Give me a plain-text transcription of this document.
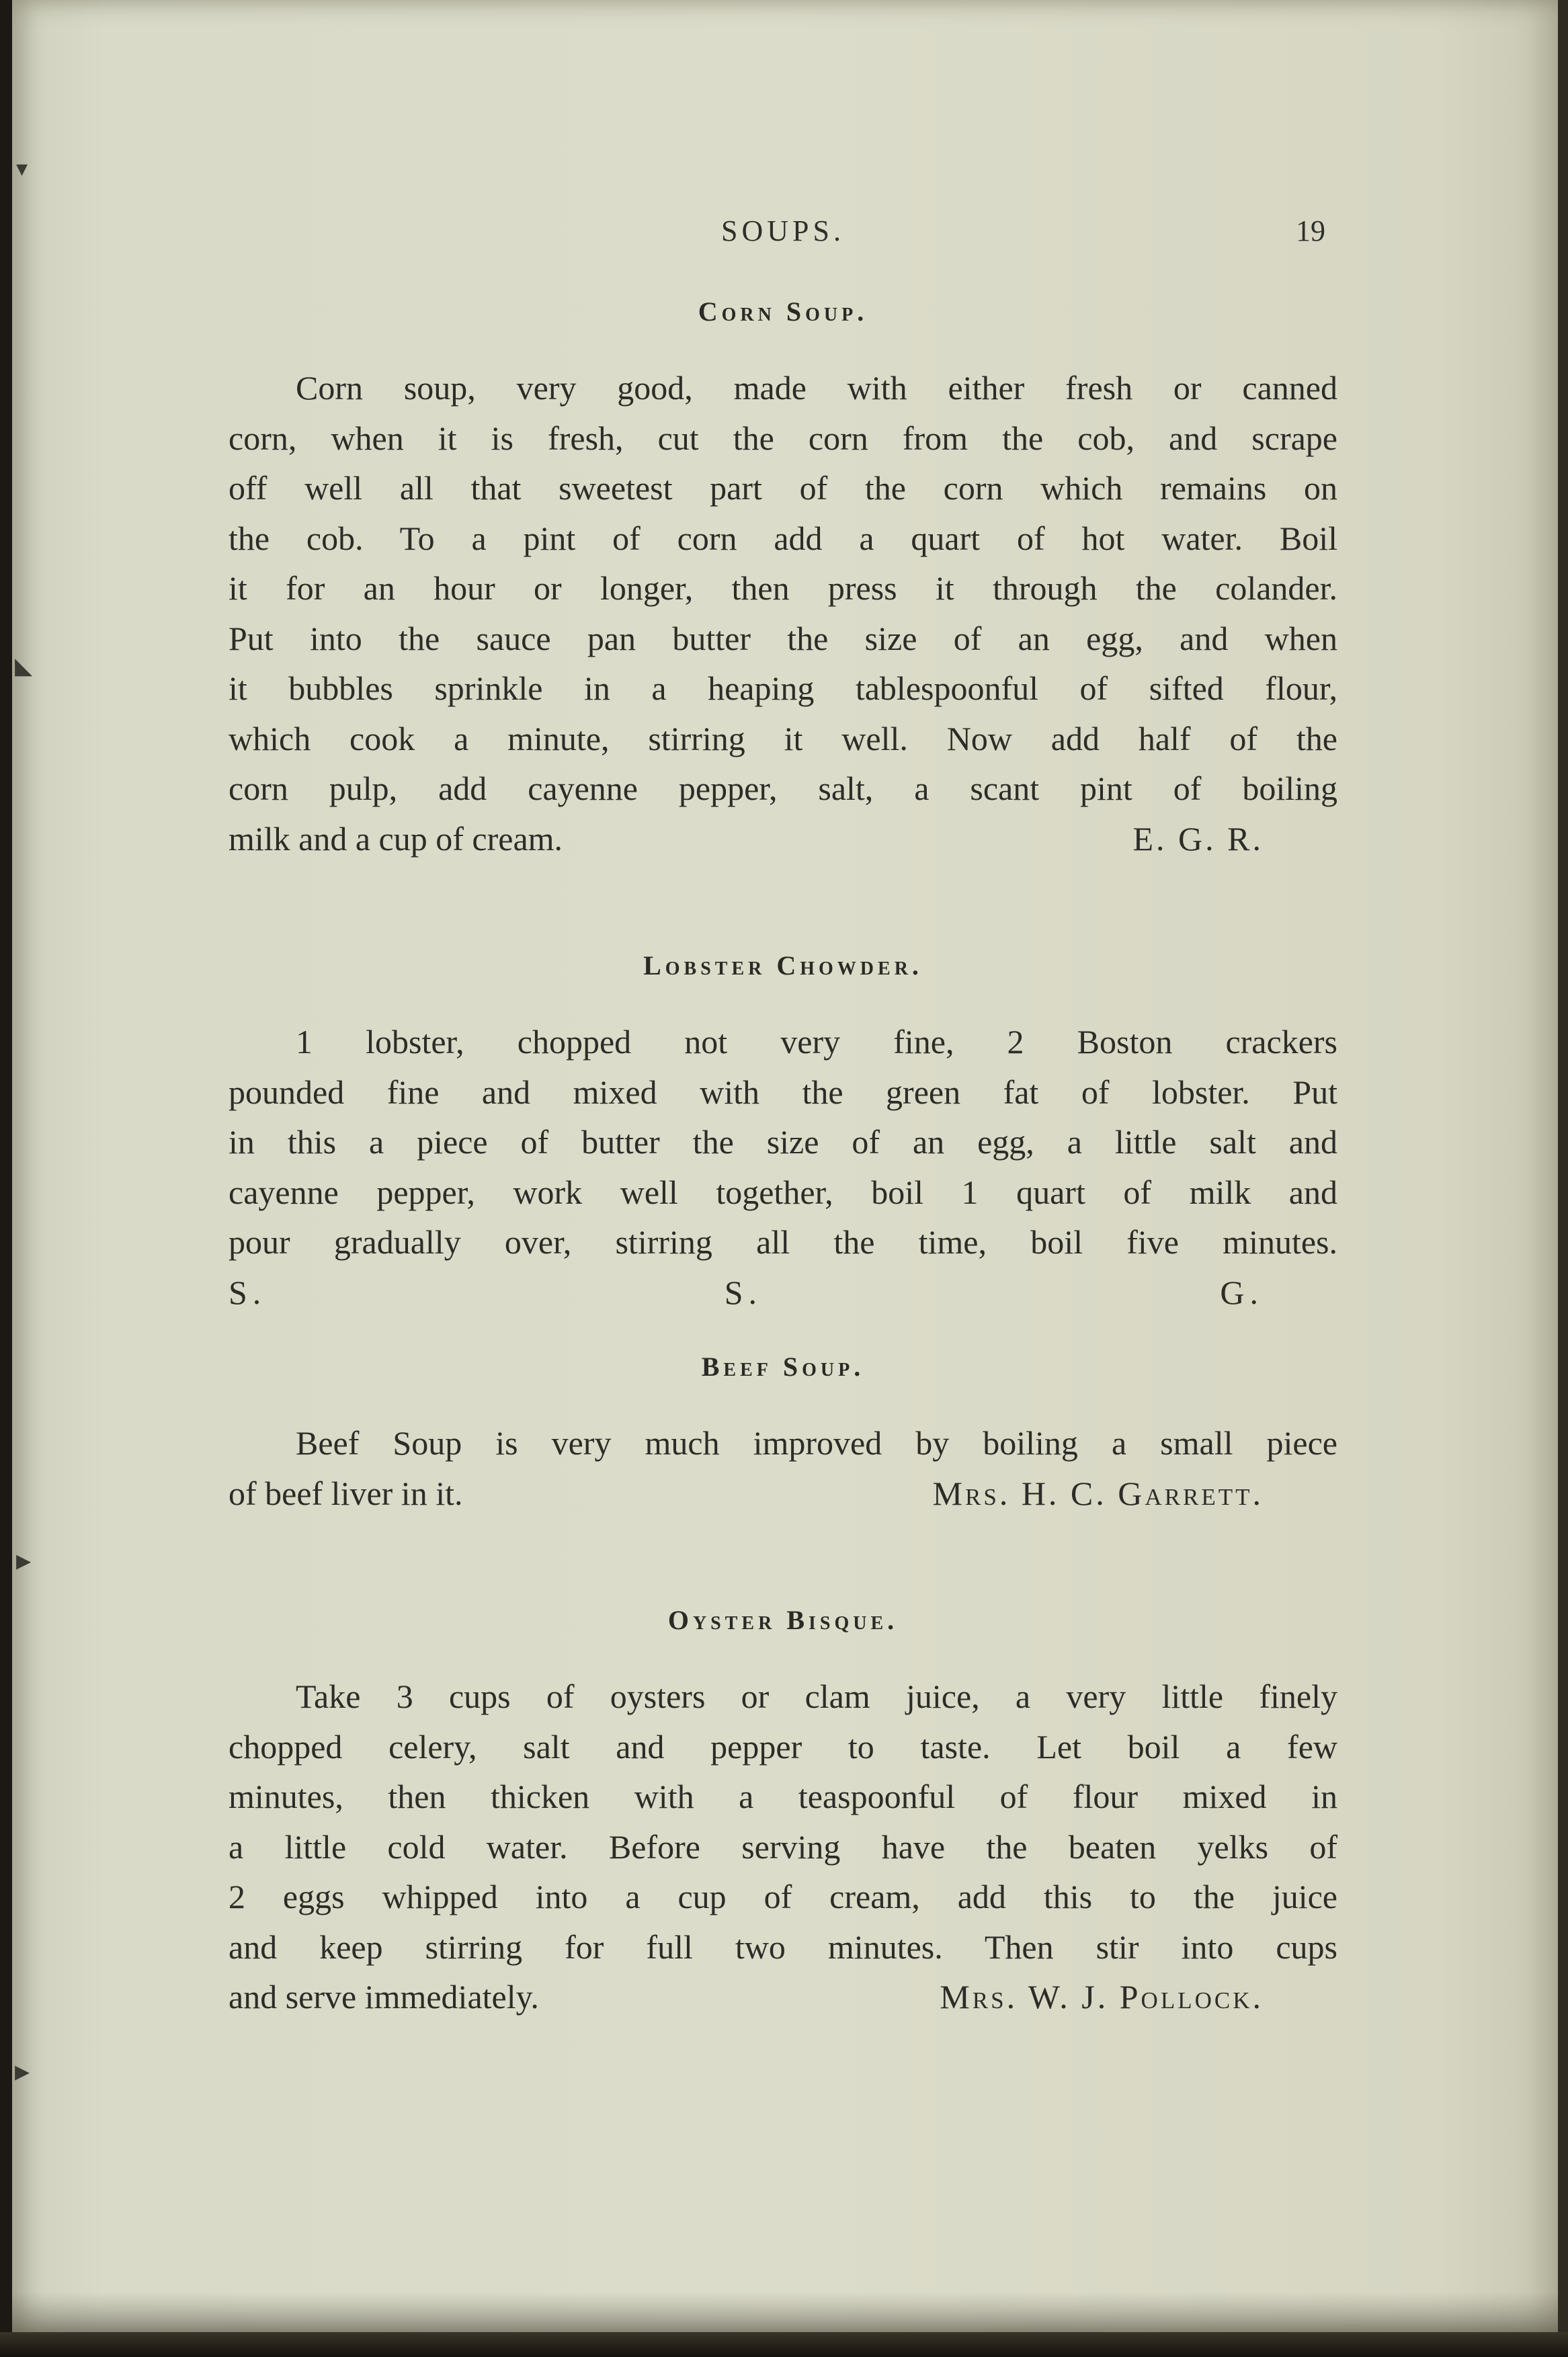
▾
◣
▸
▸
SOUPS.	19
Corn Soup.
Corn soup, very good, made with either fresh or canned
corn, when it is fresh, cut the corn from the cob, and scrape
off well all that sweetest part of the corn which remains on
the cob. To a pint of corn add a quart of hot water. Boil
it for an hour or longer, then press it through the colander.
Put into the sauce pan butter the size of an egg, and when
it bubbles sprinkle in a heaping tablespoonful of sifted flour,
which cook a minute, stirring it well. Now add half of the
corn pulp, add cayenne pepper, salt, a scant pint of boiling
milk and a cup of cream.	E. G. R.
Lobster Chowder.
1 lobster, chopped not very fine, 2 Boston crackers
pounded fine and mixed with the green fat of lobster. Put
in this a piece of butter the size of an egg, a little salt and
cayenne pepper, work well together, boil 1 quart of milk and
pour gradually over, stirring all the time, boil five minutes.
S. S. G.
Beef Soup.
Beef Soup is very much improved by boiling a small piece
of beef liver in it.	Mrs. H. C. Garrett.
Oyster Bisque.
Take 3 cups of oysters or clam juice, a very little finely
chopped celery, salt and pepper to taste. Let boil a few
minutes, then thicken with a teaspoonful of flour mixed in
a little cold water. Before serving have the beaten yelks of
2 eggs whipped into a cup of cream, add this to the juice
and keep stirring for full two minutes. Then stir into cups
and serve immediately.	Mrs. W. J. Pollock.
